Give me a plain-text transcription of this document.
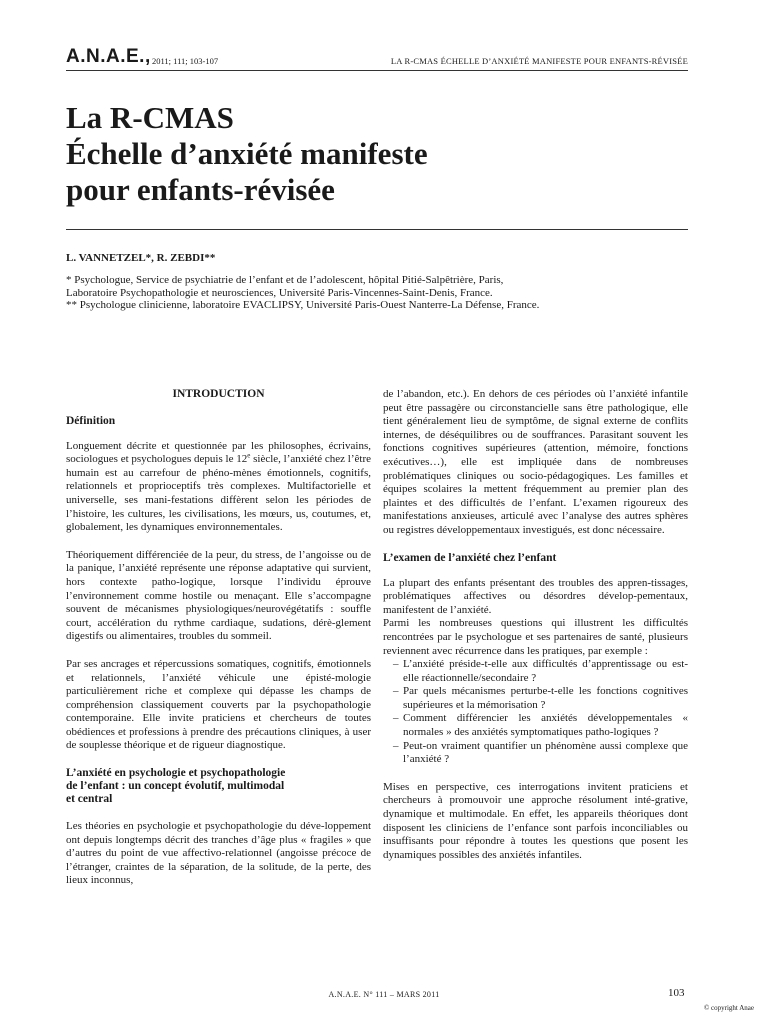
A.N.A.E., 2011; 111; 103-107	LA R-CMAS ÉCHELLE D’ANXIÉTÉ MANIFESTE POUR ENFANTS-RÉVISÉE
La R-CMAS
Échelle d’anxiété manifeste
pour enfants-révisée
L. VANNETZEL*, R. ZEBDI**
* Psychologue, Service de psychiatrie de l’enfant et de l’adolescent, hôpital Pitié-Salpêtrière, Paris,
Laboratoire Psychopathologie et neurosciences, Université Paris-Vincennes-Saint-Denis, France.
** Psychologue clinicienne, laboratoire EVACLIPSY, Université Paris-Ouest Nanterre-La Défense, France.
INTRODUCTION
Définition

Longuement décrite et questionnée par les philosophes, écrivains, sociologues et psychologues depuis le 12e siècle, l’anxiété chez l’être humain est au carrefour de phéno-mènes émotionnels, cognitifs, relationnels et proprioceptifs très complexes. Multifactorielle et universelle, ses mani-festations diffèrent selon les périodes de l’histoire, les cultures, les civilisations, les mœurs, us, coutumes, et, globalement, les dynamiques environnementales.

Théoriquement différenciée de la peur, du stress, de l’angoisse ou de la panique, l’anxiété représente une réponse adaptative qui survient, hors contexte patho-logique, lorsque l’individu éprouve l’environnement comme hostile ou menaçant. Elle s’accompagne souvent de mécanismes physiologiques/neurovégétatifs : souffle court, accélération du rythme cardiaque, sudations, dérè-glement digestifs ou alimentaires, troubles du sommeil.

Par ses ancrages et répercussions somatiques, cognitifs, émotionnels et relationnels, l’anxiété véhicule une épisté-mologie particulièrement riche et complexe qui dépasse les champs de compréhension classiquement couverts par la psychopathologie contemporaine. Elle invite praticiens et chercheurs de toutes obédiences et professions à prendre des précautions cliniques, à user de souplesse théorique et de rigueur diagnostique.

L’anxiété en psychologie et psychopathologie
de l’enfant : un concept évolutif, multimodal
et central

Les théories en psychologie et psychopathologie du déve-loppement ont depuis longtemps décrit des tranches d’âge plus « fragiles » que d’autres du point de vue affectivo-relationnel (angoisse précoce de l’étranger, craintes de la séparation, de la solitude, de la perte, des lieux inconnus,

de l’abandon, etc.). En dehors de ces périodes où l’anxiété infantile peut être passagère ou circonstancielle sans être pathologique, elle tient généralement lieu de symptôme, de signal externe de conflits internes, de déséquilibres ou de souffrances. Parasitant souvent les fonctions cognitives supérieures (attention, mémoire, fonctions exécutives…), elle est impliquée dans de nombreuses problématiques cliniques ou socio-pédagogiques. Les familles et équipes scolaires la mettent fréquemment au premier plan des plaintes et des difficultés de l’enfant. L’examen rigoureux des manifestations anxieuses, articulé avec l’analyse des autres sphères ou registres développementaux investigués, est donc nécessaire.

L’examen de l’anxiété chez l’enfant

La plupart des enfants présentant des troubles des appren-tissages, problématiques affectives ou désordres dévelop-pementaux, manifestent de l’anxiété.

Parmi les nombreuses questions qui illustrent les difficultés rencontrées par le psychologue et ses partenaires de santé, plusieurs reviennent avec récurrence dans les pratiques, par exemple :

– L’anxiété préside-t-elle aux difficultés d’apprentissage ou est-elle réactionnelle/secondaire ?
– Par quels mécanismes perturbe-t-elle les fonctions cognitives supérieures et la mémorisation ?
– Comment différencier les anxiétés développementales « normales » des anxiétés symptomatiques patho-logiques ?
– Peut-on vraiment quantifier un phénomène aussi complexe que l’anxiété ?

Mises en perspective, ces interrogations invitent praticiens et chercheurs à promouvoir une approche résolument inté-grative, dynamique et multimodale. En effet, les appareils théoriques dont disposent les cliniciens de l’enfance sont parfois inconciliables ou insuffisants pour répondre à toutes les questions que posent les dynamiques possibles des anxiétés infantiles.

A.N.A.E. N° 111 – MARS 2011	103
© copyright Anae
